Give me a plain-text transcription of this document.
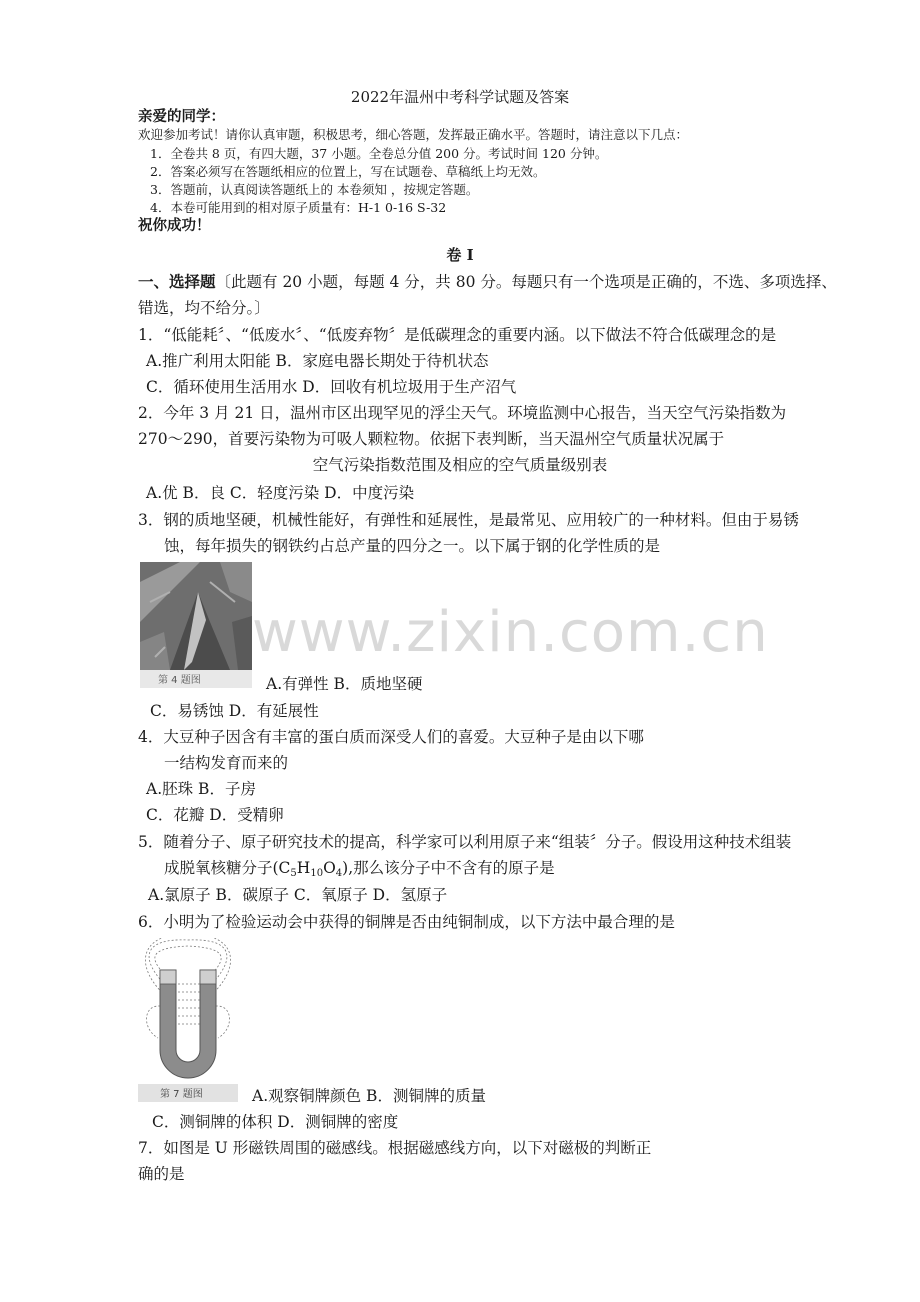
2022年温州中考科学试题及答案
亲爱的同学：
欢迎参加考试！请你认真审题，积极思考，细心答题，发挥最正确水平。答题时，请注意以下几点：
1．全卷共 8 页，有四大题，37 小题。全卷总分值 200 分。考试时间 120 分钟。
2．答案必须写在答题纸相应的位置上，写在试题卷、草稿纸上均无效。
3．答题前，认真阅读答题纸上的 本卷须知 ，按规定答题。
4．本卷可能用到的相对原子质量有：H-1 0-16 S-32
祝你成功！
卷 I
一、选择题〔此题有 20 小题，每题 4 分，共 80 分。每题只有一个选项是正确的，不选、多项选择、
错选，均不给分。〕
1．“低能耗〞、“低废水〞、“低废弃物〞是低碳理念的重要内涵。以下做法不符合低碳理念的是
A.推广利用太阳能 B．家庭电器长期处于待机状态
C．循环使用生活用水 D．回收有机垃圾用于生产沼气
2．今年 3 月 21 日，温州市区出现罕见的浮尘天气。环境监测中心报告，当天空气污染指数为
270～290，首要污染物为可吸人颗粒物。依据下表判断，当天温州空气质量状况属于
空气污染指数范围及相应的空气质量级别表
A.优 B．良 C．轻度污染 D．中度污染
3．钢的质地坚硬，机械性能好，有弹性和延展性，是最常见、应用较广的一种材料。但由于易锈
蚀，每年损失的钢铁约占总产量的四分之一。以下属于钢的化学性质的是
第 4 题图	A.有弹性 B．质地坚硬
C．易锈蚀 D．有延展性
4．大豆种子因含有丰富的蛋白质而深受人们的喜爱。大豆种子是由以下哪
一结构发育而来的
A.胚珠 B．子房
C．花瓣 D．受精卵
5．随着分子、原子研究技术的提高，科学家可以利用原子来“组装〞分子。假设用这种技术组装
成脱氧核糖分子$(C_5H_{10}O_4)$,那么该分子中不含有的原子是
A.氯原子 B．碳原子 C．氧原子 D．氢原子
6．小明为了检验运动会中获得的铜牌是否由纯铜制成，以下方法中最合理的是
第 7 题图	A.观察铜牌颜色 B．测铜牌的质量
C．测铜牌的体积 D．测铜牌的密度
7．如图是 U 形磁铁周围的磁感线。根据磁感线方向，以下对磁极的判断正
确的是
www.zixin.com.cn
